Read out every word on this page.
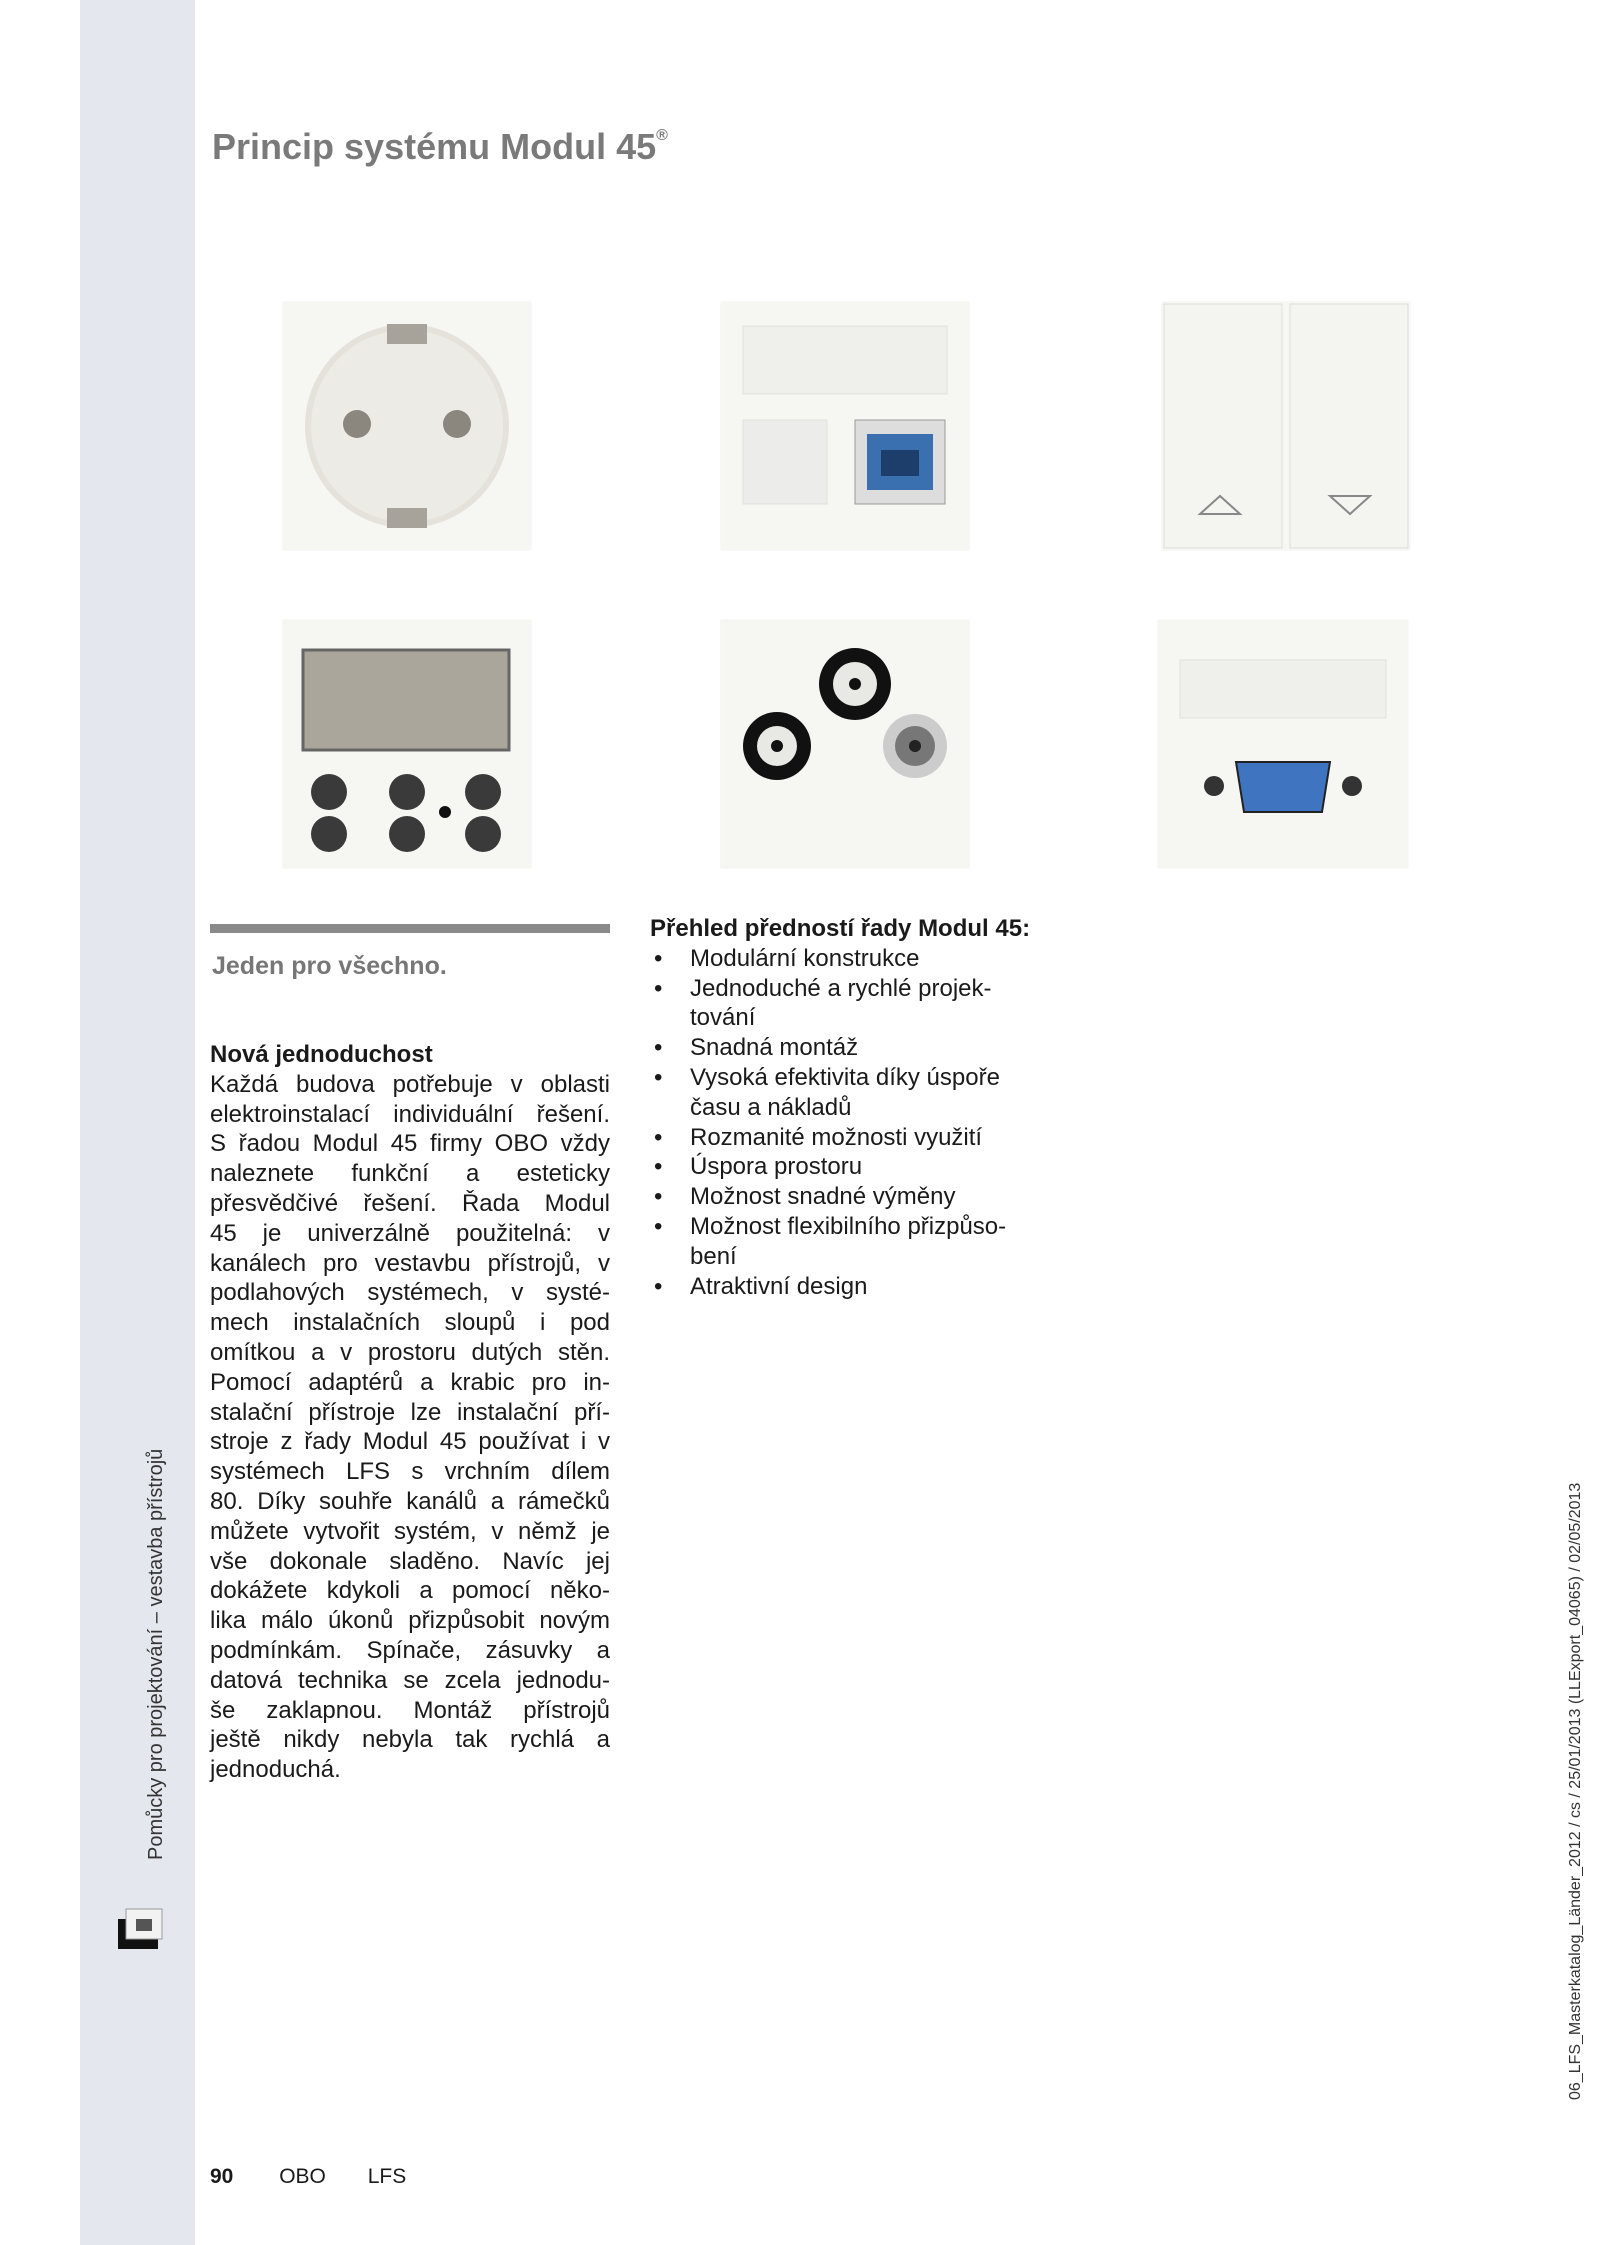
Pomůcky pro projektování – vestavba přístrojů
Princip systému Modul 45®
Jeden pro všechno.
Nová jednoduchost
Každá budova potřebuje v oblasti
elektroinstalací individuální řešení.
S řadou Modul 45 firmy OBO vždy
naleznete funkční a esteticky
přesvědčivé řešení. Řada Modul
45 je univerzálně použitelná: v
kanálech pro vestavbu přístrojů, v
podlahových systémech, v systé-
mech instalačních sloupů i pod
omítkou a v prostoru dutých stěn.
Pomocí adaptérů a krabic pro in-
stalační přístroje lze instalační pří-
stroje z řady Modul 45 používat i v
systémech LFS s vrchním dílem
80. Díky souhře kanálů a rámečků
můžete vytvořit systém, v němž je
vše dokonale sladěno. Navíc jej
dokážete kdykoli a pomocí něko-
lika málo úkonů přizpůsobit novým
podmínkám. Spínače, zásuvky a
datová technika se zcela jednodu-
še zaklapnou. Montáž přístrojů
ještě nikdy nebyla tak rychlá a
jednoduchá.
Přehled předností řady Modul 45:
• Modulární konstrukce
• Jednoduché a rychlé projek-
tování
• Snadná montáž
• Vysoká efektivita díky úspoře
času a nákladů
• Rozmanité možnosti využití
• Úspora prostoru
• Možnost snadné výměny
• Možnost flexibilního přizpůso-
bení
• Atraktivní design
06_LFS_Masterkatalog_Länder_2012 / cs / 25/01/2013 (LLExport_04065) / 02/05/2013
90 OBO LFS
